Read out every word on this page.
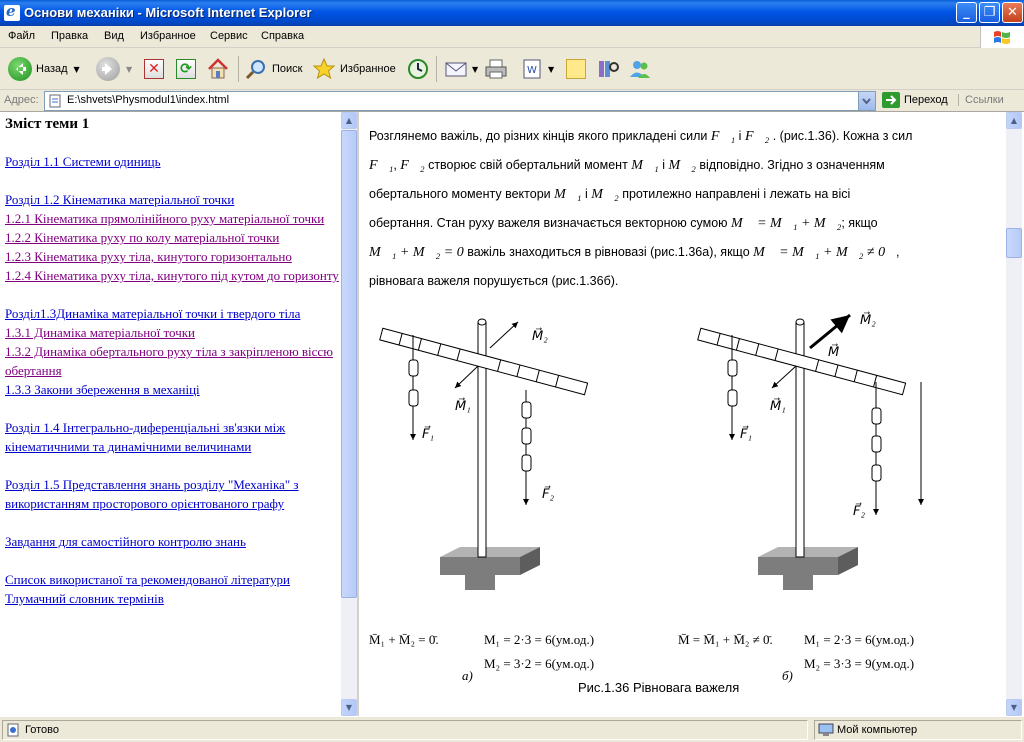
e
Основи механіки - Microsoft Internet Explorer	_	❐ ✕
Файл Правка Вид Избранное Сервис Справка
Назад ▼	▼ ✕ ⟳	Поиск	Избранное	▼	W ▼
Адрес:	E:\shvets\Physmodul1\index.html	Переход	Ссылки
Зміст теми 1
Розділ 1.1 Системи одиниць
Розділ 1.2 Кінематика матеріальної точки
1.2.1 Кінематика прямолінійного руху матеріальної точки
1.2.2 Кінематика руху по колу матеріальної точки
1.2.3 Кінематика руху тіла, кинутого горизонтально
1.2.4 Кінематика руху тіла, кинутого під кутом до горизонту
Розділ1.3Динаміка матеріальної точки і твердого тіла
1.3.1 Динаміка матеріальної точки
1.3.2 Динаміка обертального руху тіла з закріпленою віссю обертання
1.3.3 Закони збереження в механіці
Розділ 1.4 Інтегрально-диференціальні зв'язки між кінематичними та динамічними величинами
Розділ 1.5 Представлення знань розділу "Механіка" з використанням просторового орієнтованого графу
Завдання для самостійного контролю знань
Список використаної та рекомендованої літератури
Тлумачний словник термінів
▲
▼
Розглянемо важіль, до різних кінців якого прикладені сили F⃗₁ і F⃗₂ . (рис.1.36). Кожна з сил
F⃗₁, F⃗₂ створює свій обертальний момент M⃗₁ і M⃗₂ відповідно. Згідно з означенням
обертального моменту вектори M⃗₁ і M⃗₂ протилежно направлені і лежать на вісі
обертання. Стан руху важеля визначається векторною сумою M⃗ = M⃗₁ + M⃗₂; якщо
M⃗₁ + M⃗₂ = 0 важіль знаходиться в рівновазі (рис.1.36а), якщо M⃗ = M⃗₁ + M⃗₂ ≠ 0⃗,
рівновага важеля порушується (рис.1.36б).
M⃗₂
M⃗₁
F⃗₁
F⃗₂
M⃗₂
M⃗
M⃗₁
F⃗₁
F⃗₂
M̄₁ + M̄₂ = 0̄.	M₁ = 2·3 = 6(ум.од.)
M₂ = 3·2 = 6(ум.од.)
а)
M̄ = M̄₁ + M̄₂ ≠ 0̄. M₁ = 2·3 = 6(ум.од.)
M₂ = 3·3 = 9(ум.од.)
б)
Рис.1.36 Рівновага важеля
▲
▼
Готово	Мой компьютер
